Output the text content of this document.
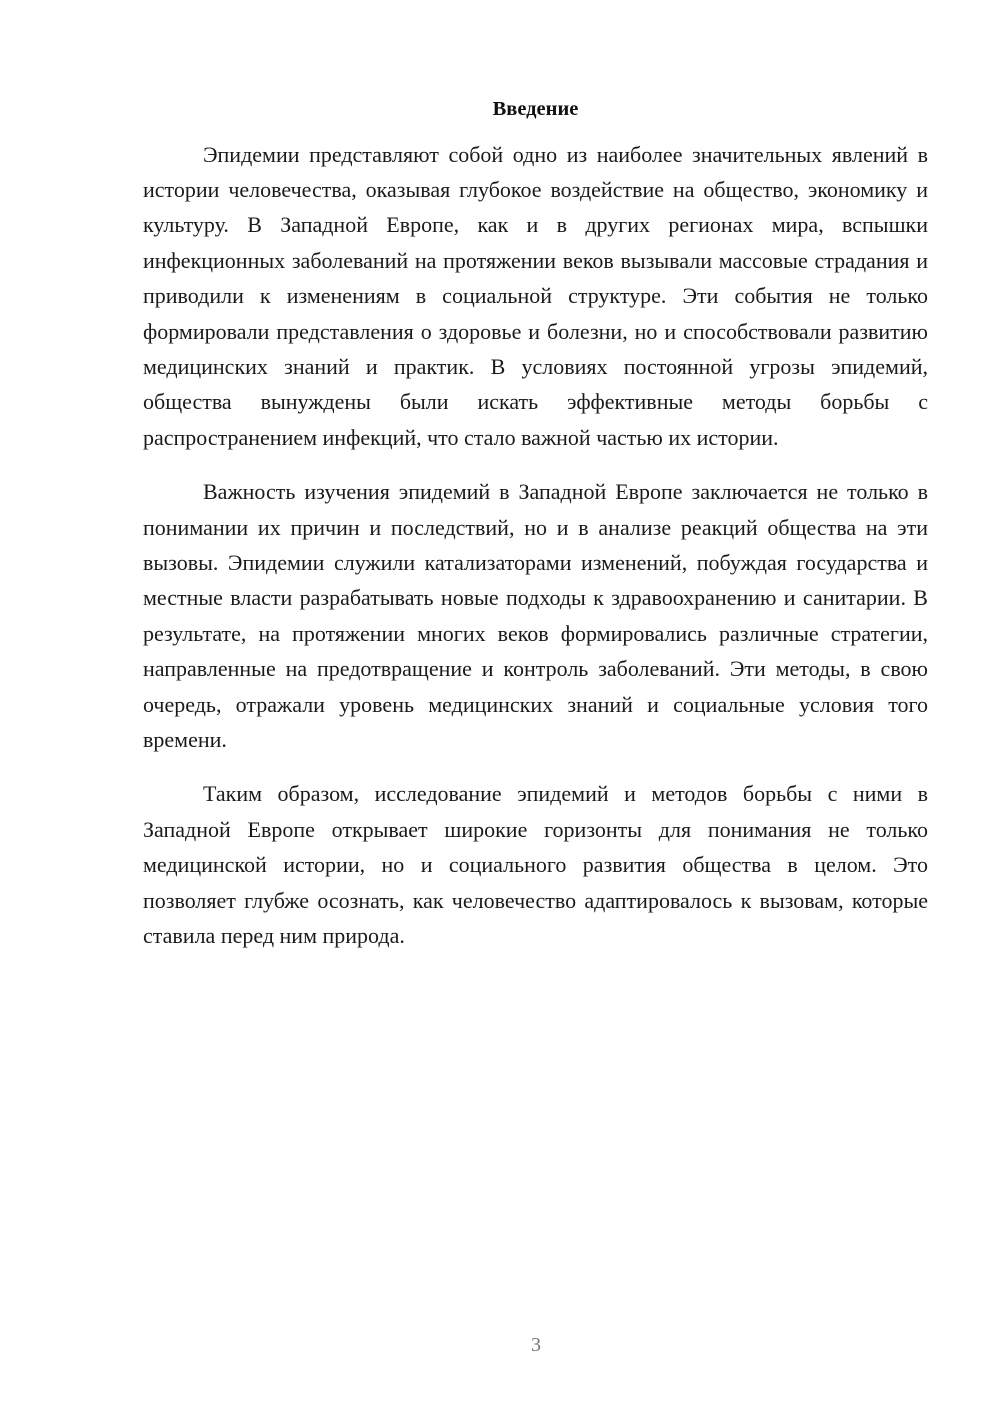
Введение

Эпидемии представляют собой одно из наиболее значительных явлений в истории человечества, оказывая глубокое воздействие на общество, экономику и культуру. В Западной Европе, как и в других регионах мира, вспышки инфекционных заболеваний на протяжении веков вызывали массовые страдания и приводили к изменениям в социальной структуре. Эти события не только формировали представления о здоровье и болезни, но и способствовали развитию медицинских знаний и практик. В условиях постоянной угрозы эпидемий, общества вынуждены были искать эффективные методы борьбы с распространением инфекций, что стало важной частью их истории.

Важность изучения эпидемий в Западной Европе заключается не только в понимании их причин и последствий, но и в анализе реакций общества на эти вызовы. Эпидемии служили катализаторами изменений, побуждая государства и местные власти разрабатывать новые подходы к здравоохранению и санитарии. В результате, на протяжении многих веков формировались различные стратегии, направленные на предотвращение и контроль заболеваний. Эти методы, в свою очередь, отражали уровень медицинских знаний и социальные условия того времени.

Таким образом, исследование эпидемий и методов борьбы с ними в Западной Европе открывает широкие горизонты для понимания не только медицинской истории, но и социального развития общества в целом. Это позволяет глубже осознать, как человечество адаптировалось к вызовам, которые ставила перед ним природа.

3
